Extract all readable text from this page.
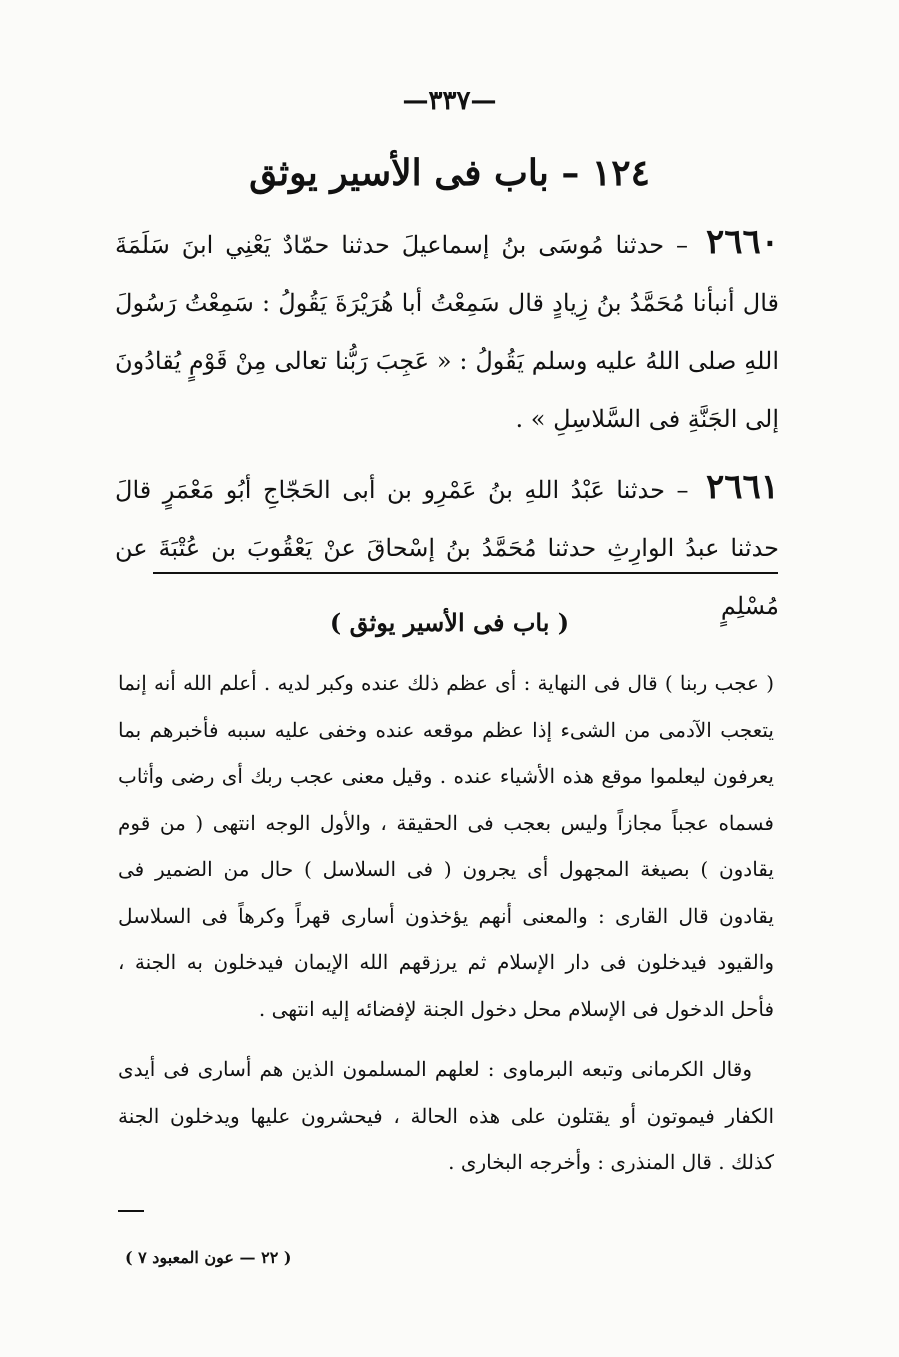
—٣٣٧—
١٢٤ – باب فى الأسير يوثق

٢٦٦٠ – حدثنا مُوسَى بنُ إسماعيلَ حدثنا حمّادٌ يَعْنِي ابنَ سَلَمَةَ قال أنبأنا مُحَمَّدُ بنُ زِيادٍ قال سَمِعْتُ أبا هُرَيْرَةَ يَقُولُ : سَمِعْتُ رَسُولَ اللهِ صلى اللهُ عليه وسلم يَقُولُ : « عَجِبَ رَبُّنا تعالى مِنْ قَوْمٍ يُقادُونَ إلى الجَنَّةِ فى السَّلاسِلِ » .

٢٦٦١ – حدثنا عَبْدُ اللهِ بنُ عَمْرِو بن أبى الحَجّاجِ أبُو مَعْمَرٍ قالَ حدثنا عبدُ الوارِثِ حدثنا مُحَمَّدُ بنُ إسْحاقَ عنْ يَعْقُوبَ بن عُتْبَةَ عن مُسْلِمٍ

( باب فى الأسير يوثق )

( عجب ربنا ) قال فى النهاية : أى عظم ذلك عنده وكبر لديه . أعلم الله أنه إنما يتعجب الآدمى من الشىء إذا عظم موقعه عنده وخفى عليه سببه فأخبرهم بما يعرفون ليعلموا موقع هذه الأشياء عنده . وقيل معنى عجب ربك أى رضى وأثاب فسماه عجباً مجازاً وليس بعجب فى الحقيقة ، والأول الوجه انتهى ( من قوم يقادون ) بصيغة المجهول أى يجرون ( فى السلاسل ) حال من الضمير فى يقادون قال القارى : والمعنى أنهم يؤخذون أسارى قهراً وكرهاً فى السلاسل والقيود فيدخلون فى دار الإسلام ثم يرزقهم الله الإيمان فيدخلون به الجنة ، فأحل الدخول فى الإسلام محل دخول الجنة لإفضائه إليه انتهى .

وقال الكرمانى وتبعه البرماوى : لعلهم المسلمون الذين هم أسارى فى أيدى الكفار فيموتون أو يقتلون على هذه الحالة ، فيحشرون عليها ويدخلون الجنة كذلك . قال المنذرى : وأخرجه البخارى .

( ٢٢ — عون المعبود ٧ )
